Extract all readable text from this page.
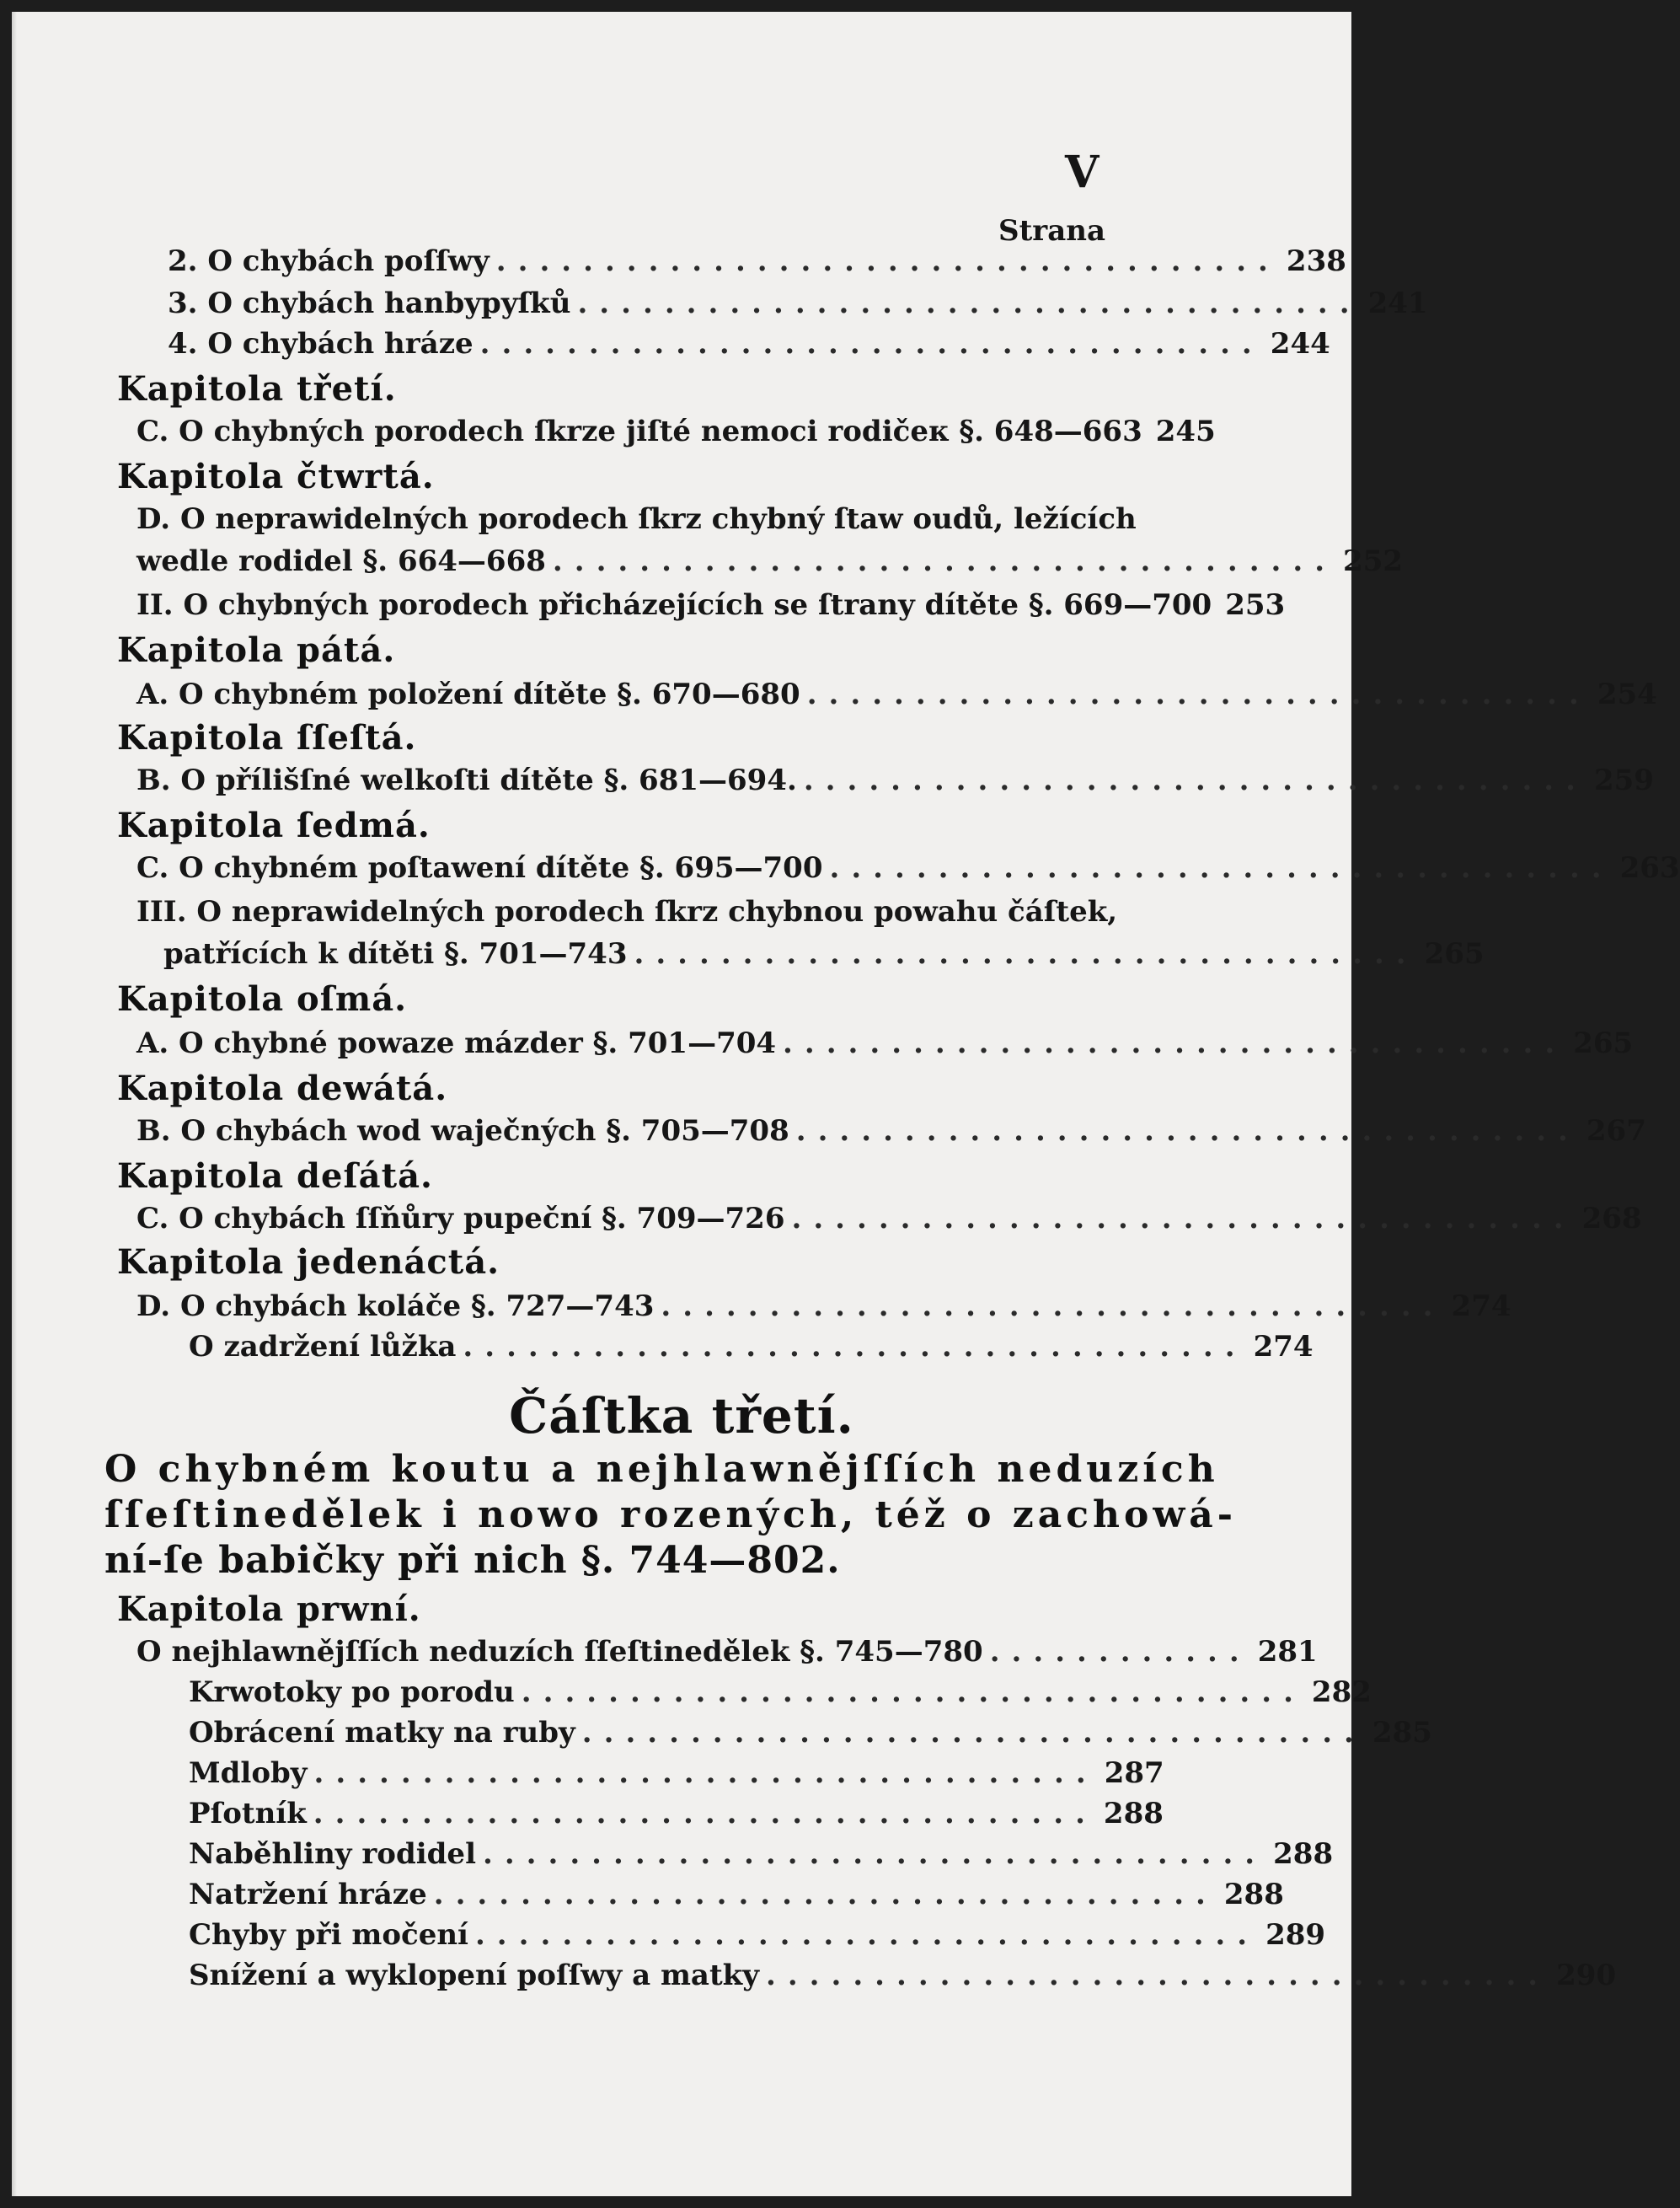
V
Strana
2. O chybách poſſwy .................................... 238
3. O chybách hanbypyſků .................................... 241
4. O chybách hráze .................................... 244
Kapitola třetí.
C. O chybných porodech ſkrze jiſté nemoci rodičeк §. 648—663 245
Kapitola čtwrtá.
D. O neprawidelných porodech ſkrz chybný ſtaw oudů, ležících
wedle rodidel §. 664—668 .................................... 252
II. O chybných porodech přicházejících se ſtrany dítěte §. 669—700 253
Kapitola pátá.
A. O chybném položení dítěte §. 670—680 .................................... 254
Kapitola ſſeſtá.
B. O přílišſné welkoſti dítěte §. 681—694. .................................... 259
Kapitola ſedmá.
C. O chybném poſtawení dítěte §. 695—700 .................................... 263
III. O neprawidelných porodech ſkrz chybnou powahu čáſtek,
patřících k dítěti §. 701—743 .................................... 265
Kapitola oſmá.
A. O chybné powaze mázder §. 701—704 .................................... 265
Kapitola dewátá.
B. O chybách wod waječných §. 705—708 .................................... 267
Kapitola deſátá.
C. O chybách ſſňůry pupeční §. 709—726 .................................... 268
Kapitola jedenáctá.
D. O chybách koláče §. 727—743 .................................... 274
O zadržení lůžka .................................... 274
Čáſtka třetí.
O chybném koutu a nejhlawnějſſích neduzích
ſſeſtinedělek i nowo rozených, též o zachowá-
ní-ſe babičky při nich §. 744—802.
Kapitola prwní.
O nejhlawnějſſích neduzích ſſeſtinedělek §. 745—780 ............ 281
Krwotoky po porodu .................................... 282
Obrácení matky na ruby .................................... 285
Mdloby .................................... 287
Pſotník .................................... 288
Naběhliny rodidel .................................... 288
Natržení hráze .................................... 288
Chyby při močení .................................... 289
Snížení a wyklopení poſſwy a matky .................................... 290
